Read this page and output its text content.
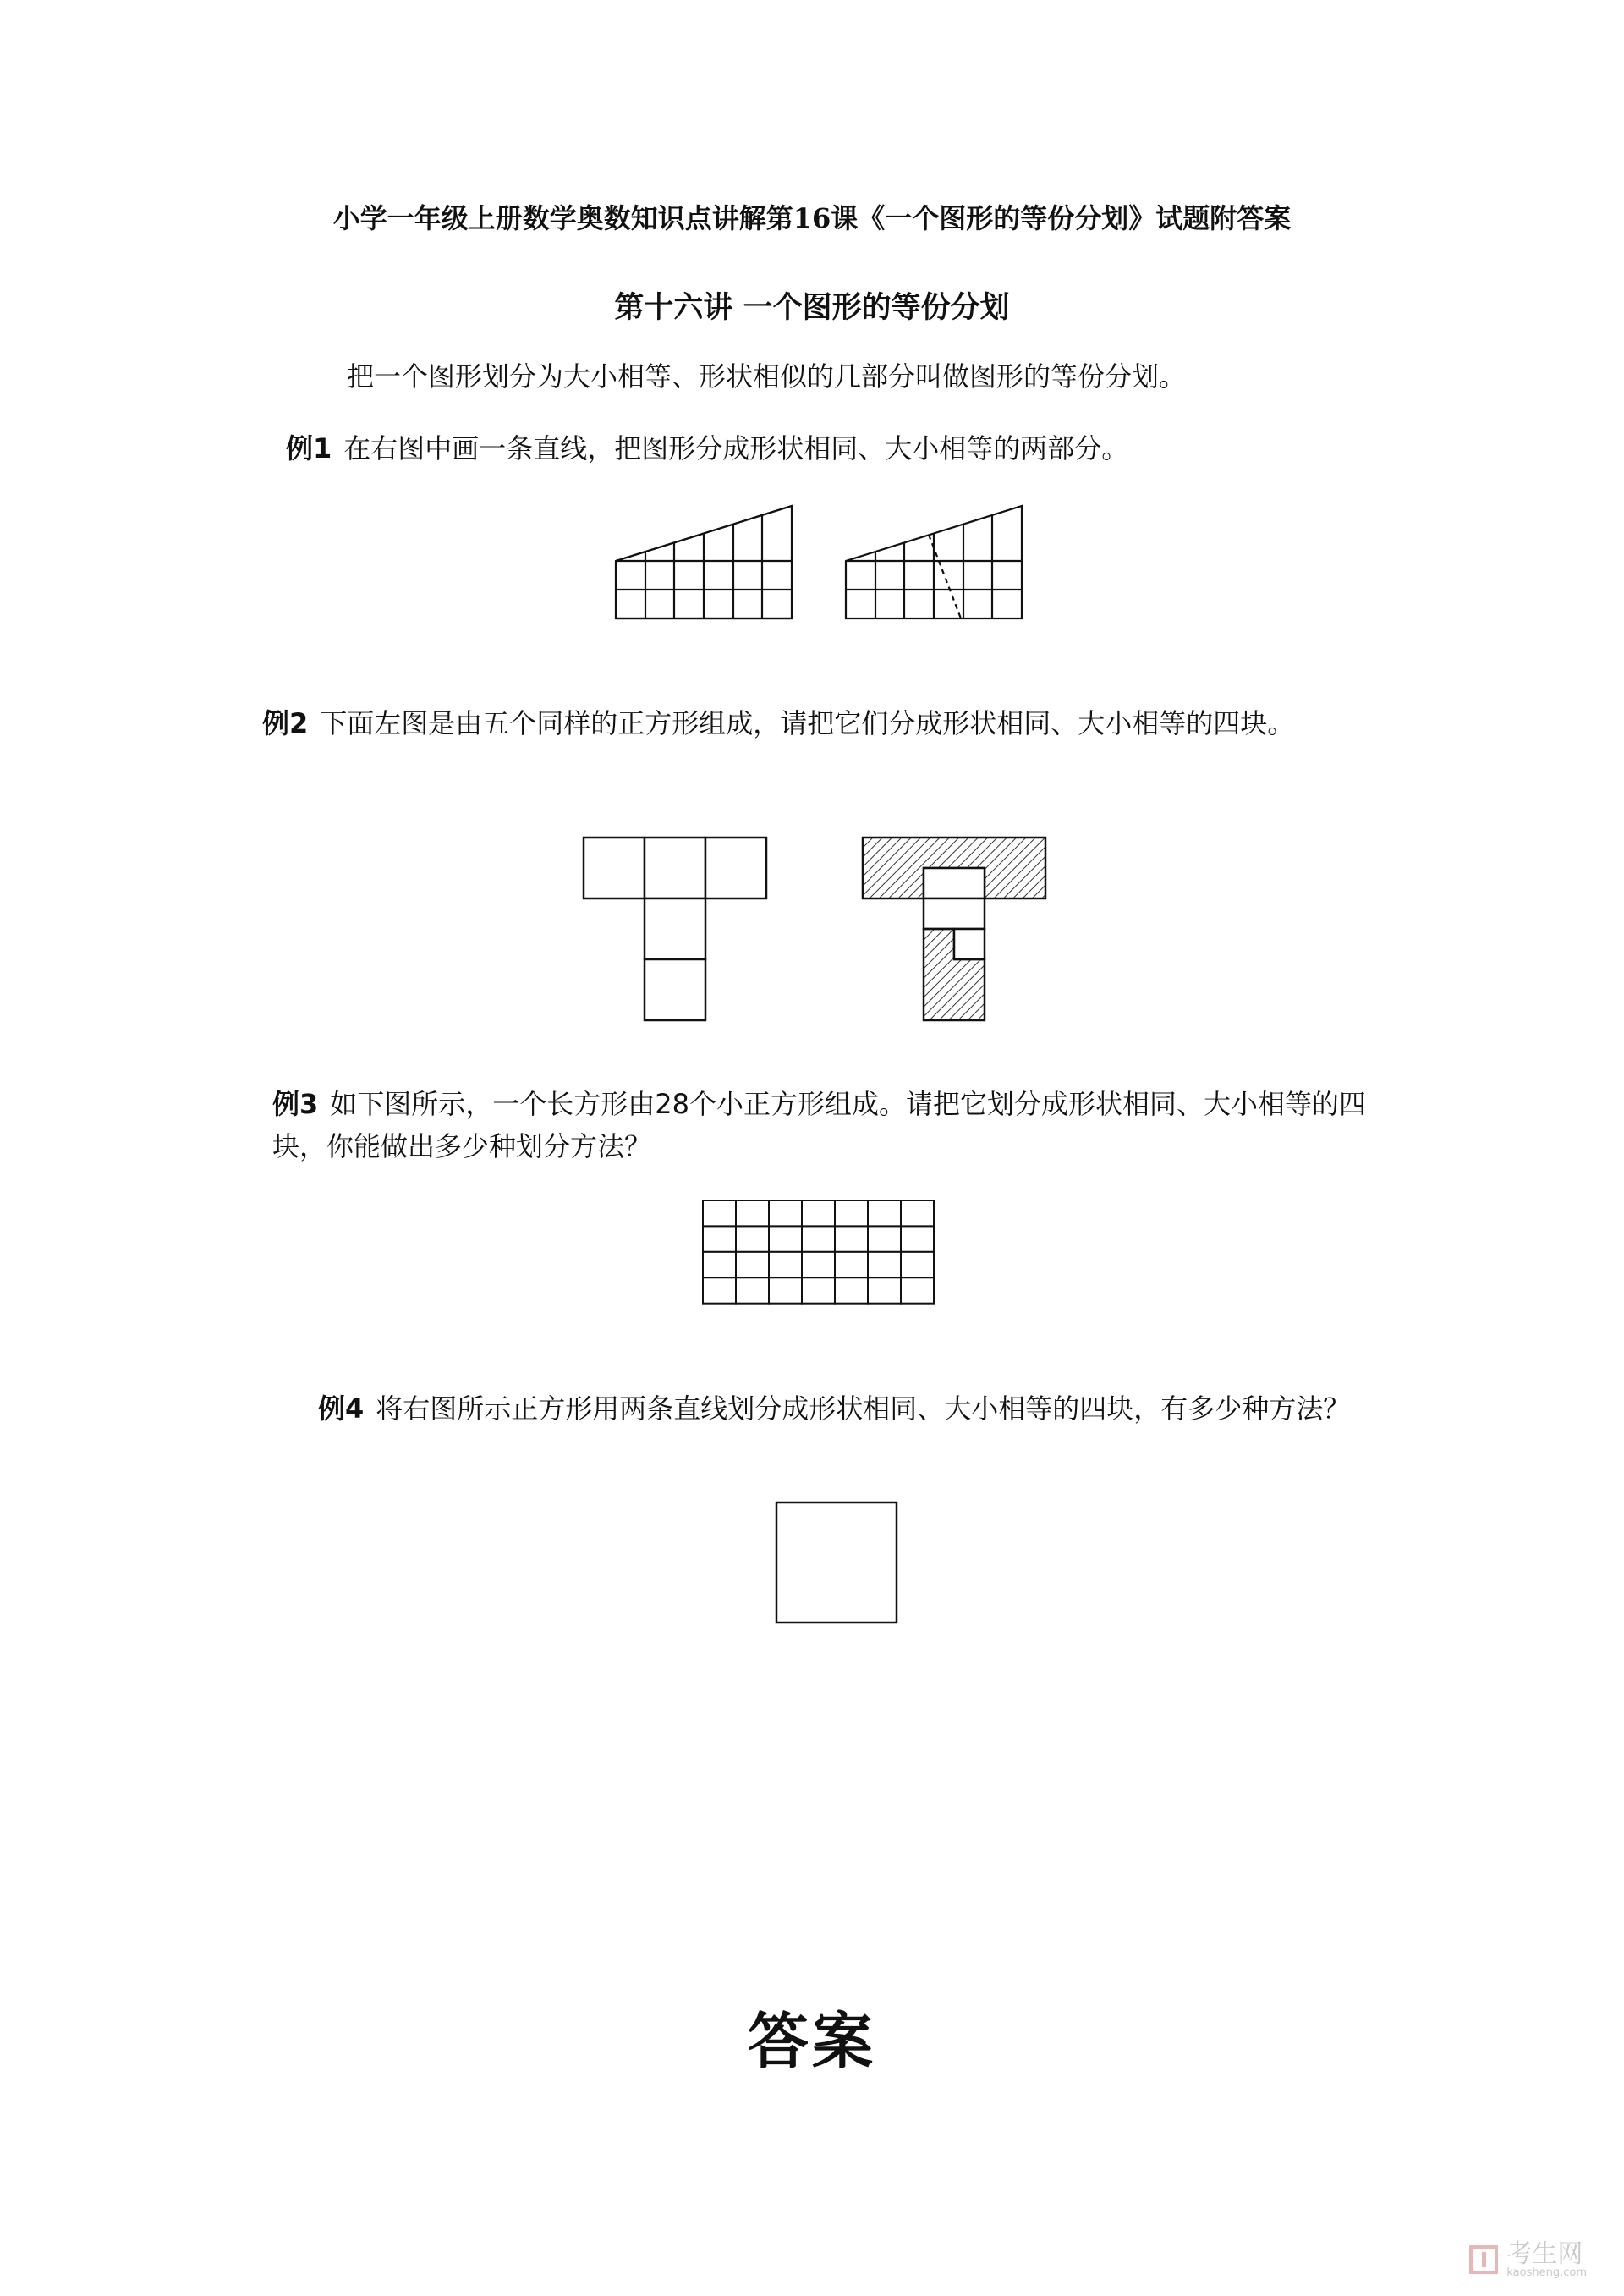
小学一年级上册数学奥数知识点讲解第16课《一个图形的等份分划》试题附答案
第十六讲 一个图形的等份分划
把一个图形划分为大小相等、形状相似的几部分叫做图形的等份分划。
例1 在右图中画一条直线，把图形分成形状相同、大小相等的两部分。
例2 下面左图是由五个同样的正方形组成，请把它们分成形状相同、大小相等的四块。
例3 如下图所示，一个长方形由28个小正方形组成。请把它划分成形状相同、大小相等的四块，你能做出多少种划分方法？
例4 将右图所示正方形用两条直线划分成形状相同、大小相等的四块，有多少种方法？
答案
考生网
kaosheng.com
